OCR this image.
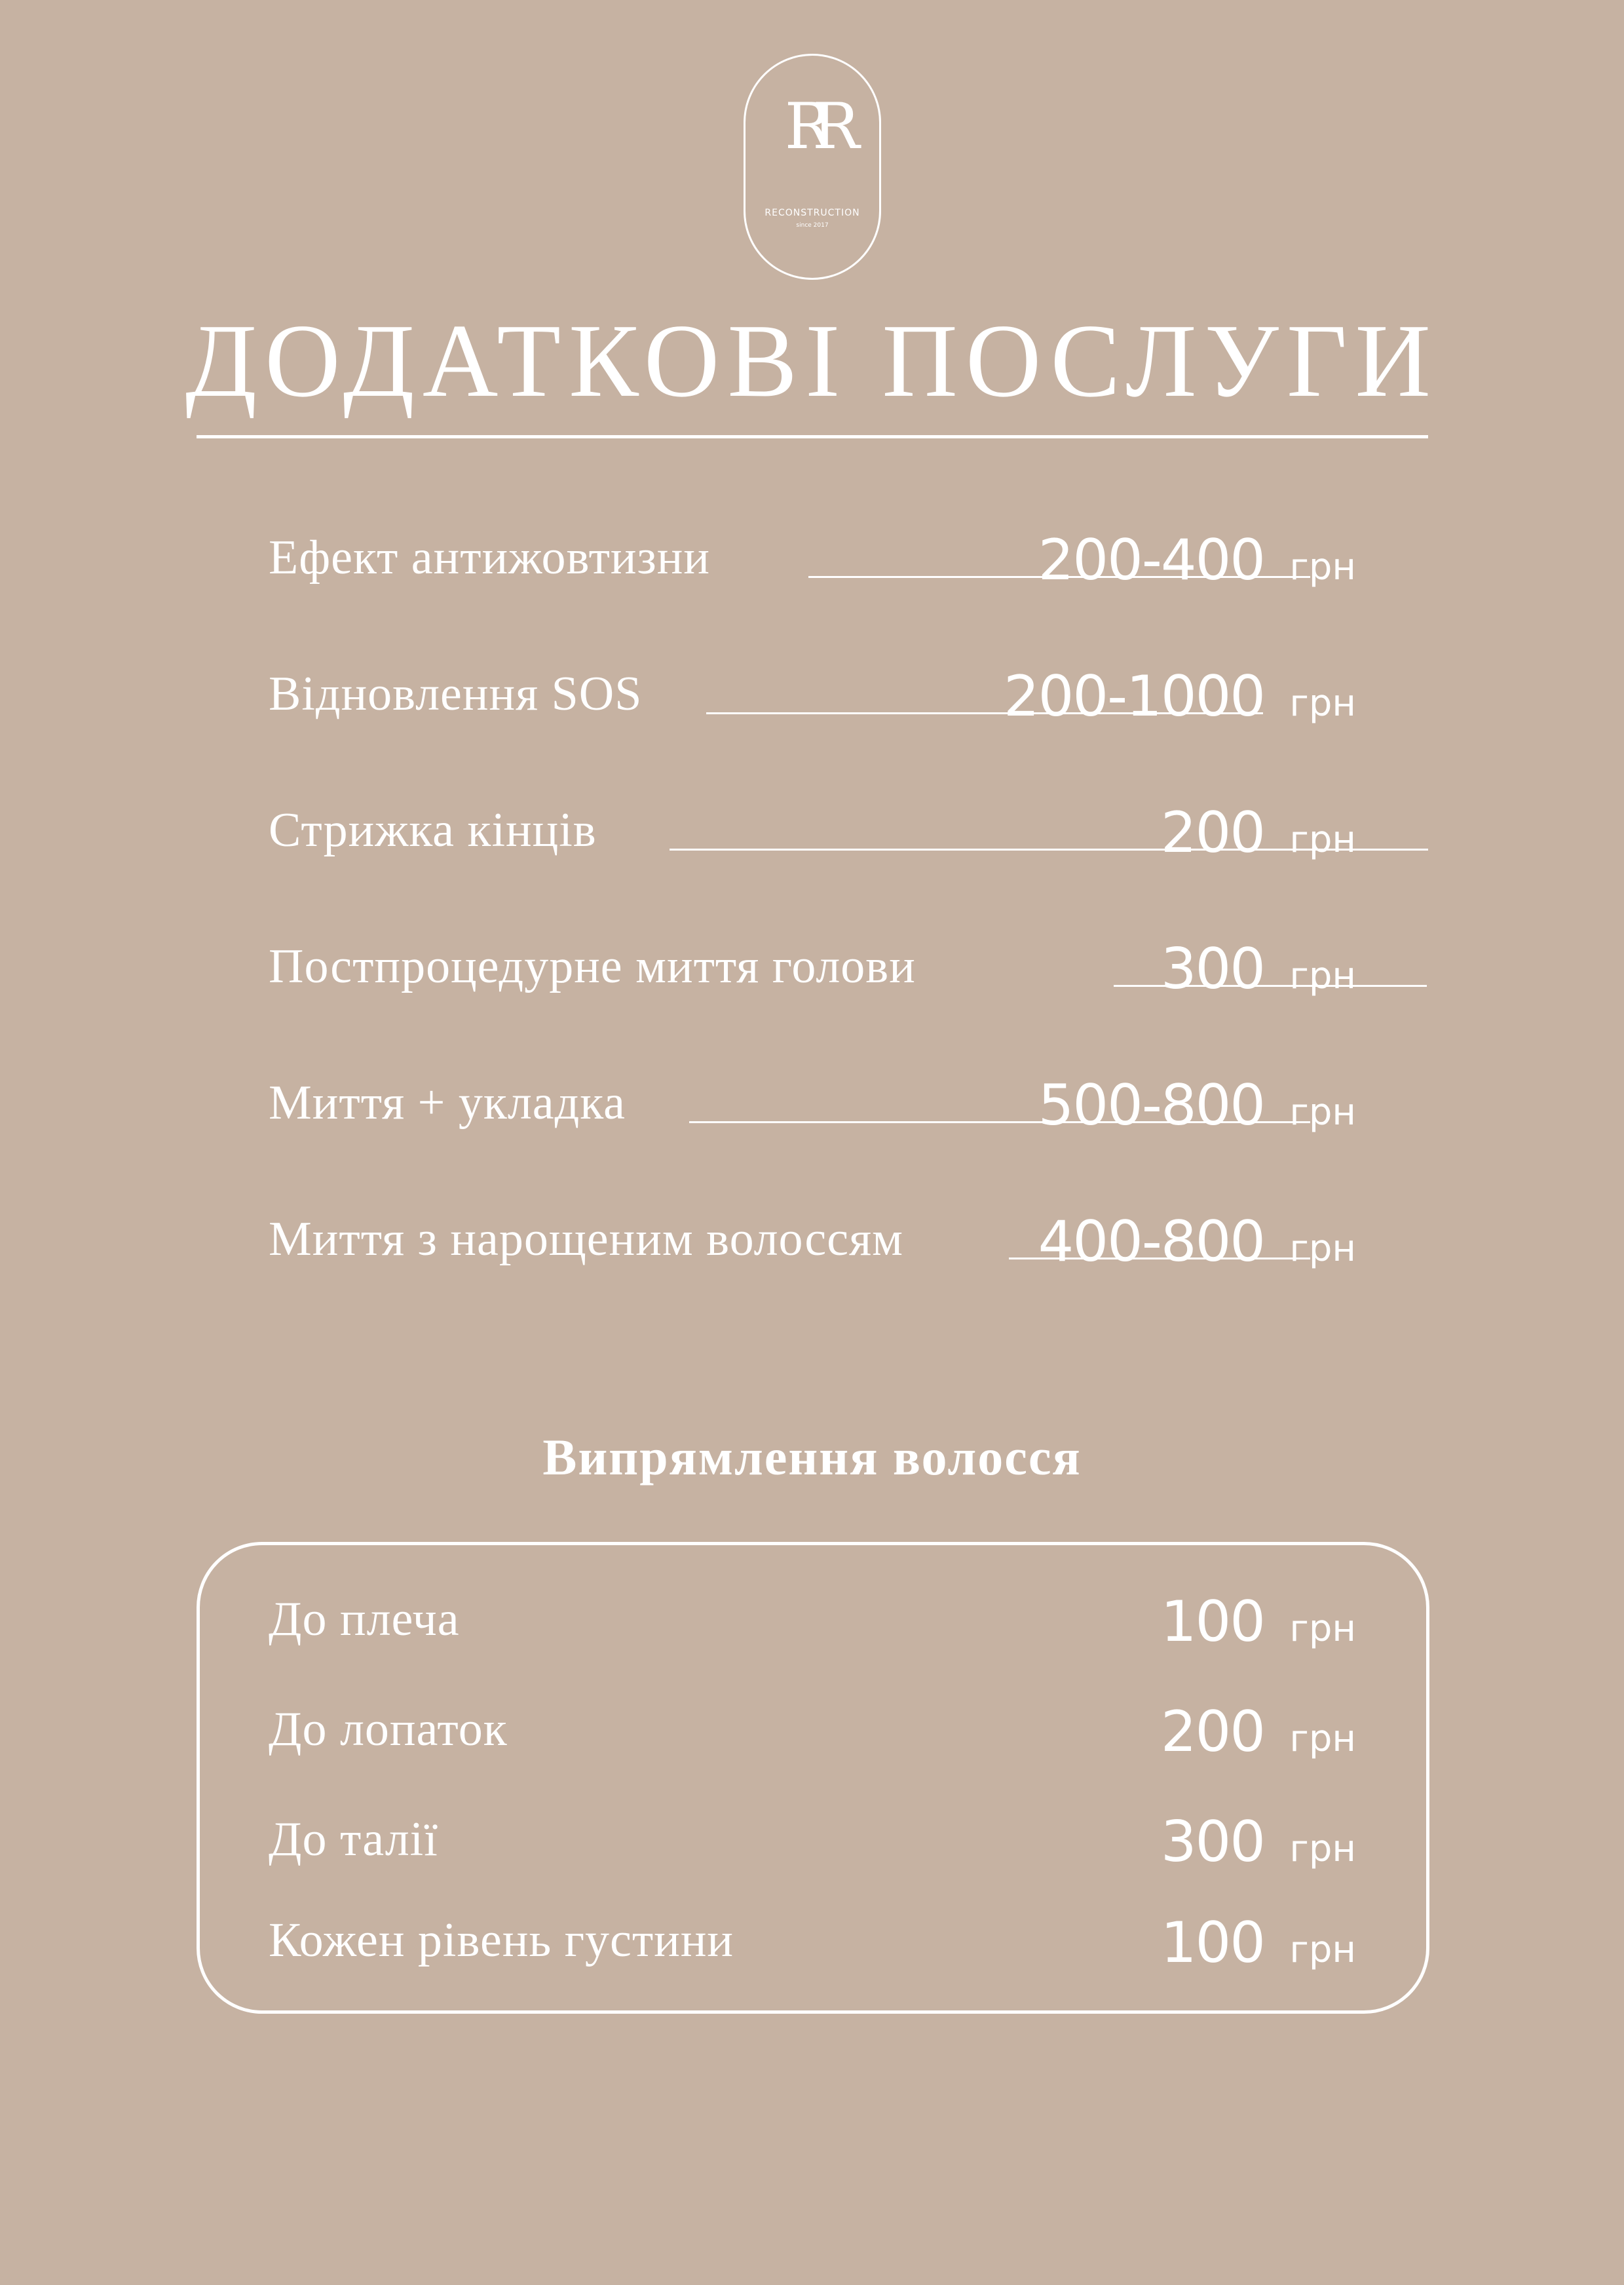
RR
RECONSTRUCTION
since 2017
ДОДАТКОВІ ПОСЛУГИ
Ефект антижовтизни	200-400 грн
Відновлення SOS	200-1000 грн
Стрижка кінців	200 грн
Постпроцедурне миття голови	300 грн
Миття + укладка	500-800 грн
Миття з нарощеним волоссям 400-800 грн
Випрямлення волосся
До плеча	100 грн
До лопаток	200 грн
До талії	300 грн
Кожен рівень густини	100 грн
